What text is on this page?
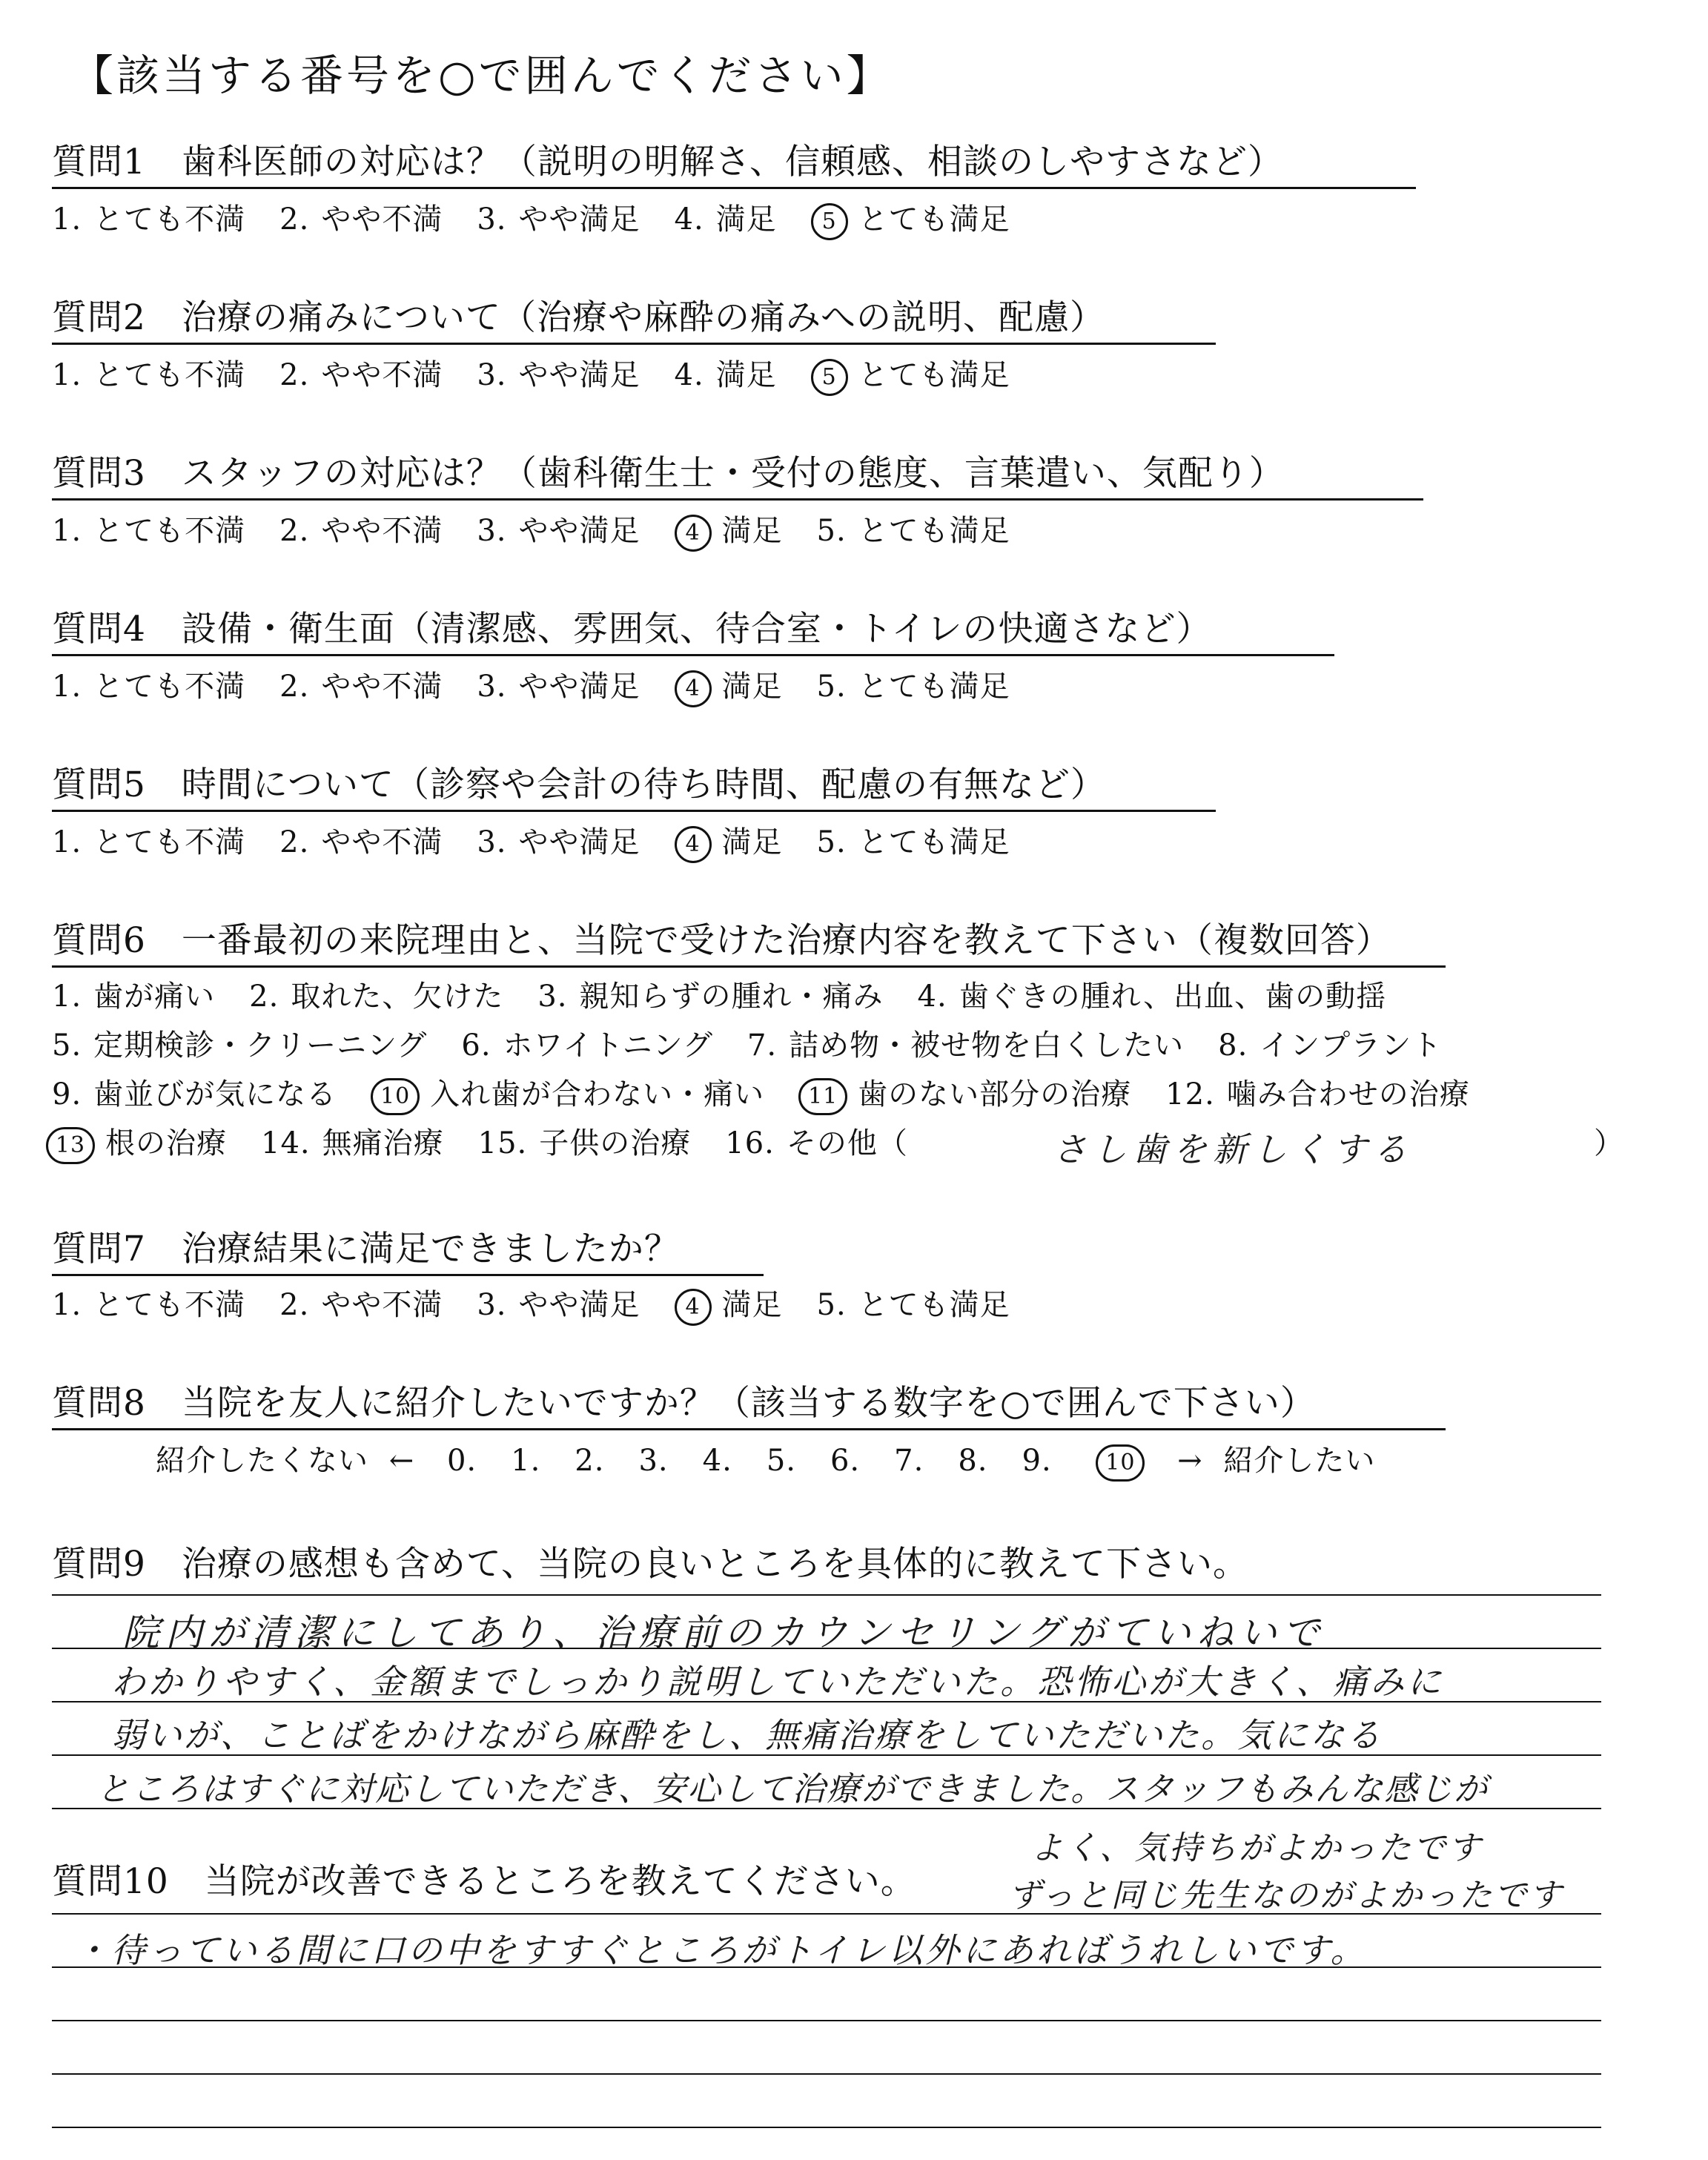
【該当する番号を○で囲んでください】
質問1　歯科医師の対応は？（説明の明解さ、信頼感、相談のしやすさなど）
1. とても不満 2. やや不満 3. やや満足 4. 満足 5 とても満足
質問2　治療の痛みについて（治療や麻酔の痛みへの説明、配慮）
1. とても不満 2. やや不満 3. やや満足 4. 満足 5 とても満足
質問3　スタッフの対応は？（歯科衛生士・受付の態度、言葉遣い、気配り）
1. とても不満 2. やや不満 3. やや満足 4 満足 5. とても満足
質問4　設備・衛生面（清潔感、雰囲気、待合室・トイレの快適さなど）
1. とても不満 2. やや不満 3. やや満足 4 満足 5. とても満足
質問5　時間について（診察や会計の待ち時間、配慮の有無など）
1. とても不満 2. やや不満 3. やや満足 4 満足 5. とても満足
質問6　一番最初の来院理由と、当院で受けた治療内容を教えて下さい（複数回答）
1. 歯が痛い 2. 取れた、欠けた 3. 親知らずの腫れ・痛み 4. 歯ぐきの腫れ、出血、歯の動揺
5. 定期検診・クリーニング 6. ホワイトニング 7. 詰め物・被せ物を白くしたい 8. インプラント
9. 歯並びが気になる 10 入れ歯が合わない・痛い 11 歯のない部分の治療 12. 噛み合わせの治療
13 根の治療 14. 無痛治療 15. 子供の治療 16. その他（	さし歯を新しくする	）
質問7　治療結果に満足できましたか？
1. とても不満 2. やや不満 3. やや満足 4 満足 5. とても満足
質問8　当院を友人に紹介したいですか？（該当する数字を○で囲んで下さい）
紹介したくない ← 0. 1. 2. 3. 4. 5. 6. 7. 8. 9. 10 → 紹介したい
質問9　治療の感想も含めて、当院の良いところを具体的に教えて下さい。
院内が清潔にしてあり、治療前のカウンセリングがていねいで
わかりやすく、金額までしっかり説明していただいた。恐怖心が大きく、痛みに
弱いが、ことばをかけながら麻酔をし、無痛治療をしていただいた。気になる
ところはすぐに対応していただき、安心して治療ができました。スタッフもみんな感じが
質問10　当院が改善できるところを教えてください。
よく、気持ちがよかったです
ずっと同じ先生なのがよかったです
・待っている間に口の中をすすぐところがトイレ以外にあればうれしいです。
